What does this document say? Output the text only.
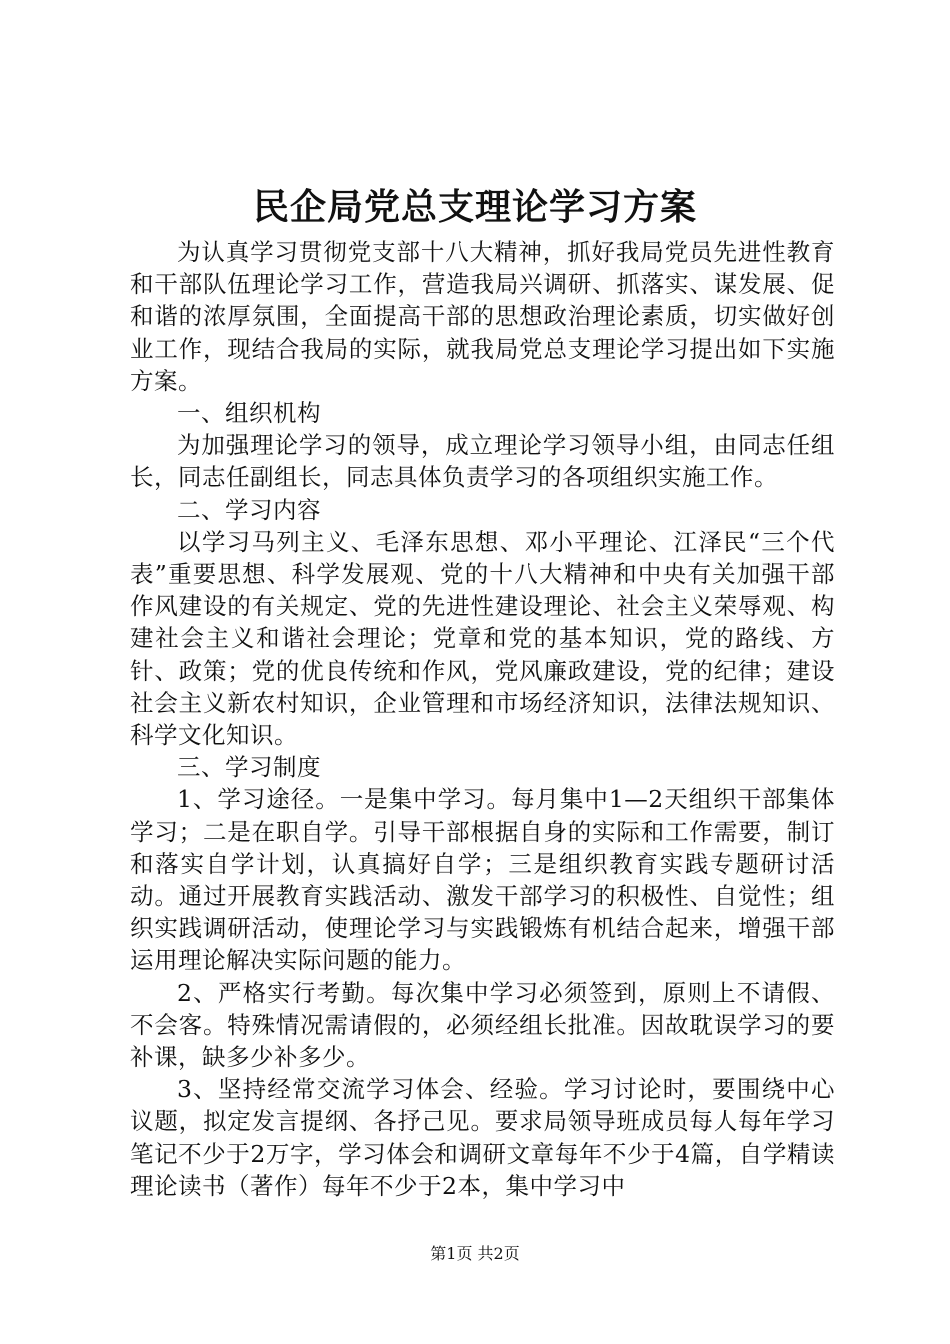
民企局党总支理论学习方案

为认真学习贯彻党支部十八大精神，抓好我局党员先进性教育和干部队伍理论学习工作，营造我局兴调研、抓落实、谋发展、促和谐的浓厚氛围，全面提高干部的思想政治理论素质，切实做好创业工作，现结合我局的实际，就我局党总支理论学习提出如下实施方案。

一、组织机构

为加强理论学习的领导，成立理论学习领导小组，由同志任组长，同志任副组长，同志具体负责学习的各项组织实施工作。

二、学习内容

以学习马列主义、毛泽东思想、邓小平理论、江泽民“三个代表”重要思想、科学发展观、党的十八大精神和中央有关加强干部作风建设的有关规定、党的先进性建设理论、社会主义荣辱观、构建社会主义和谐社会理论；党章和党的基本知识，党的路线、方针、政策；党的优良传统和作风，党风廉政建设，党的纪律；建设社会主义新农村知识，企业管理和市场经济知识，法律法规知识、科学文化知识。

三、学习制度

1、学习途径。一是集中学习。每月集中1—2天组织干部集体学习；二是在职自学。引导干部根据自身的实际和工作需要，制订和落实自学计划，认真搞好自学；三是组织教育实践专题研讨活动。通过开展教育实践活动、激发干部学习的积极性、自觉性；组织实践调研活动，使理论学习与实践锻炼有机结合起来，增强干部运用理论解决实际问题的能力。

2、严格实行考勤。每次集中学习必须签到，原则上不请假、不会客。特殊情况需请假的，必须经组长批准。因故耽误学习的要补课，缺多少补多少。

3、坚持经常交流学习体会、经验。学习讨论时，要围绕中心议题，拟定发言提纲、各抒己见。要求局领导班成员每人每年学习笔记不少于2万字，学习体会和调研文章每年不少于4篇，自学精读理论读书（著作）每年不少于2本，集中学习中

第1页 共2页
